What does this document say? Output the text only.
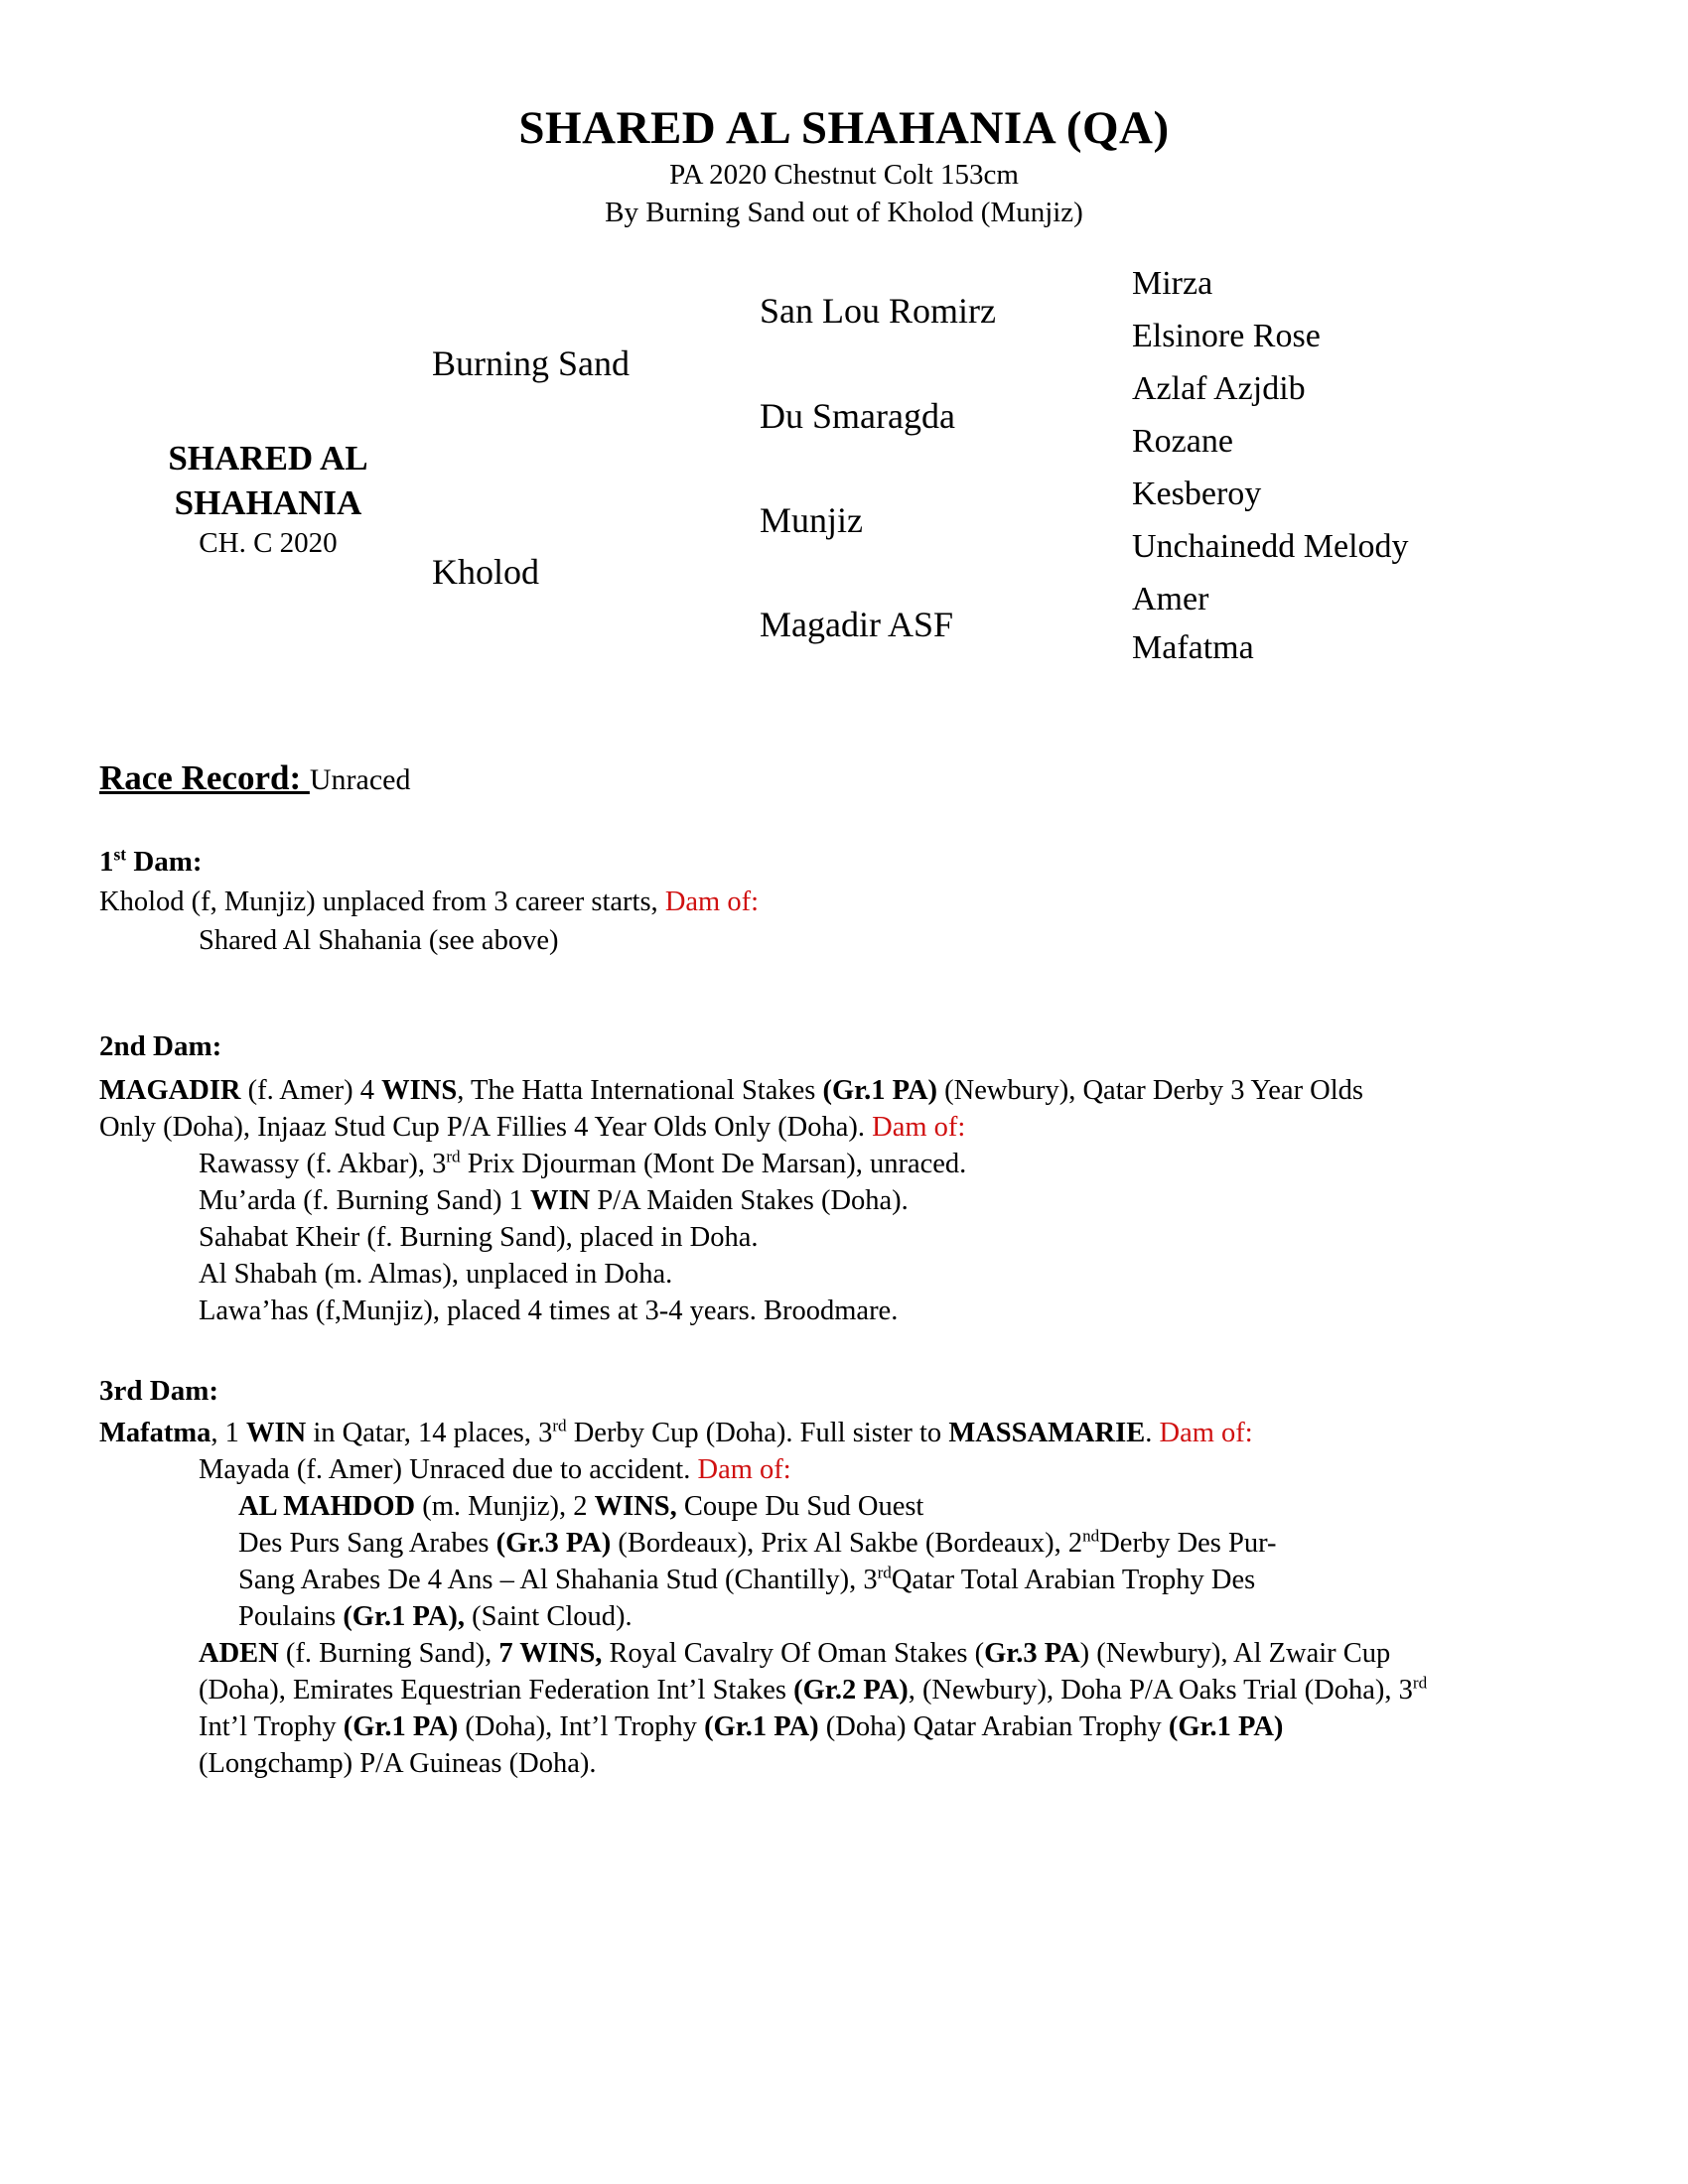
SHARED AL SHAHANIA (QA)
PA 2020 Chestnut Colt 153cm
By Burning Sand out of Kholod (Munjiz)
SHARED AL
SHAHANIA
CH. C 2020
Burning Sand
Kholod
San Lou Romirz
Du Smaragda
Munjiz
Magadir ASF
Mirza
Elsinore Rose
Azlaf Azjdib
Rozane
Kesberoy
Unchainedd Melody
Amer
Mafatma
Race Record: Unraced
1st Dam:
Kholod (f, Munjiz) unplaced from 3 career starts, Dam of:
Shared Al Shahania (see above)
2nd Dam:
MAGADIR (f. Amer) 4 WINS, The Hatta International Stakes (Gr.1 PA) (Newbury), Qatar Derby 3 Year Olds
Only (Doha), Injaaz Stud Cup P/A Fillies 4 Year Olds Only (Doha). Dam of:
Rawassy (f. Akbar), 3rd Prix Djourman (Mont De Marsan), unraced.
Mu’arda (f. Burning Sand) 1 WIN P/A Maiden Stakes (Doha).
Sahabat Kheir (f. Burning Sand), placed in Doha.
Al Shabah (m. Almas), unplaced in Doha.
Lawa’has (f,Munjiz), placed 4 times at 3-4 years. Broodmare.
3rd Dam:
Mafatma, 1 WIN in Qatar, 14 places, 3rd Derby Cup (Doha). Full sister to MASSAMARIE. Dam of:
Mayada (f. Amer) Unraced due to accident. Dam of:
AL MAHDOD (m. Munjiz), 2 WINS, Coupe Du Sud Ouest
Des Purs Sang Arabes (Gr.3 PA) (Bordeaux), Prix Al Sakbe (Bordeaux), 2ndDerby Des Pur-
Sang Arabes De 4 Ans – Al Shahania Stud (Chantilly), 3rdQatar Total Arabian Trophy Des
Poulains (Gr.1 PA), (Saint Cloud).
ADEN (f. Burning Sand), 7 WINS, Royal Cavalry Of Oman Stakes (Gr.3 PA) (Newbury), Al Zwair Cup
(Doha), Emirates Equestrian Federation Int’l Stakes (Gr.2 PA), (Newbury), Doha P/A Oaks Trial (Doha), 3rd
Int’l Trophy (Gr.1 PA) (Doha), Int’l Trophy (Gr.1 PA) (Doha) Qatar Arabian Trophy (Gr.1 PA)
(Longchamp) P/A Guineas (Doha).
